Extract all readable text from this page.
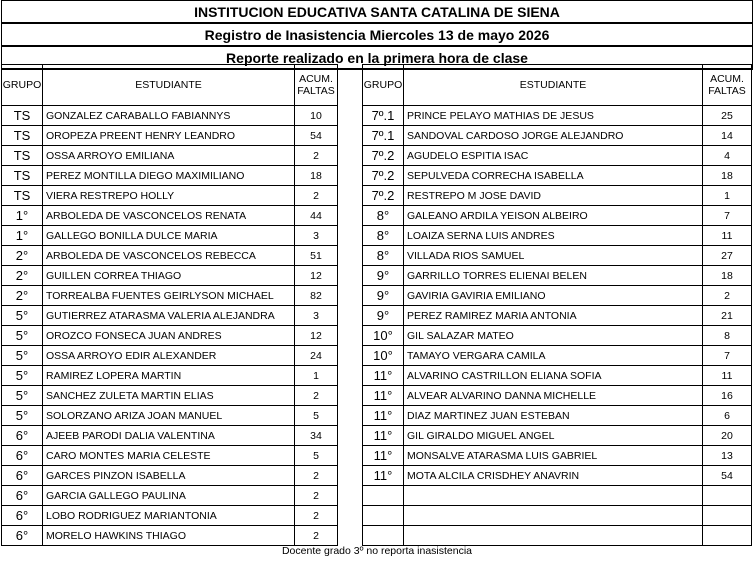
INSTITUCION EDUCATIVA SANTA CATALINA DE SIENA
Registro de Inasistencia Miercoles 13 de mayo 2026
Reporte realizado en la primera hora de clase
GRUPO	ESTUDIANTE	ACUM.
FALTAS
TS	GONZALEZ CARABALLO FABIANNYS	10
TS	OROPEZA PREENT HENRY LEANDRO	54
TS	OSSA ARROYO EMILIANA	2
TS	PEREZ MONTILLA DIEGO MAXIMILIANO	18
TS	VIERA RESTREPO HOLLY	2
1°	ARBOLEDA DE VASCONCELOS RENATA	44
1°	GALLEGO BONILLA DULCE MARIA	3
2°	ARBOLEDA DE VASCONCELOS REBECCA	51
2°	GUILLEN CORREA THIAGO	12
2°	TORREALBA FUENTES GEIRLYSON MICHAEL	82
5°	GUTIERREZ ATARASMA VALERIA ALEJANDRA	3
5°	OROZCO FONSECA JUAN ANDRES	12
5°	OSSA ARROYO EDIR ALEXANDER	24
5°	RAMIREZ LOPERA MARTIN	1
5°	SANCHEZ ZULETA MARTIN ELIAS	2
5°	SOLORZANO ARIZA JOAN MANUEL	5
6°	AJEEB PARODI DALIA VALENTINA	34
6°	CARO MONTES MARIA CELESTE	5
6°	GARCES PINZON ISABELLA	2
6°	GARCIA GALLEGO PAULINA	2
6°	LOBO RODRIGUEZ MARIANTONIA	2
6°	MORELO HAWKINS THIAGO	2
GRUPO	ESTUDIANTE	ACUM.
FALTAS
7º.1	PRINCE PELAYO MATHIAS DE JESUS	25
7º.1	SANDOVAL CARDOSO JORGE ALEJANDRO	14
7º.2	AGUDELO ESPITIA ISAC	4
7º.2	SEPULVEDA CORRECHA ISABELLA	18
7º.2	RESTREPO M JOSE DAVID	1
8°	GALEANO ARDILA YEISON ALBEIRO	7
8°	LOAIZA SERNA LUIS ANDRES	11
8°	VILLADA RIOS SAMUEL	27
9°	GARRILLO TORRES ELIENAI BELEN	18
9°	GAVIRIA GAVIRIA EMILIANO	2
9°	PEREZ RAMIREZ MARIA ANTONIA	21
10°	GIL SALAZAR MATEO	8
10°	TAMAYO VERGARA CAMILA	7
11°	ALVARINO CASTRILLON ELIANA SOFIA	11
11°	ALVEAR ALVARINO DANNA MICHELLE	16
11°	DIAZ MARTINEZ JUAN ESTEBAN	6
11°	GIL GIRALDO MIGUEL ANGEL	20
11°	MONSALVE ATARASMA LUIS GABRIEL	13
11°	MOTA ALCILA CRISDHEY ANAVRIN	54

Docente grado 3º no reporta inasistencia
